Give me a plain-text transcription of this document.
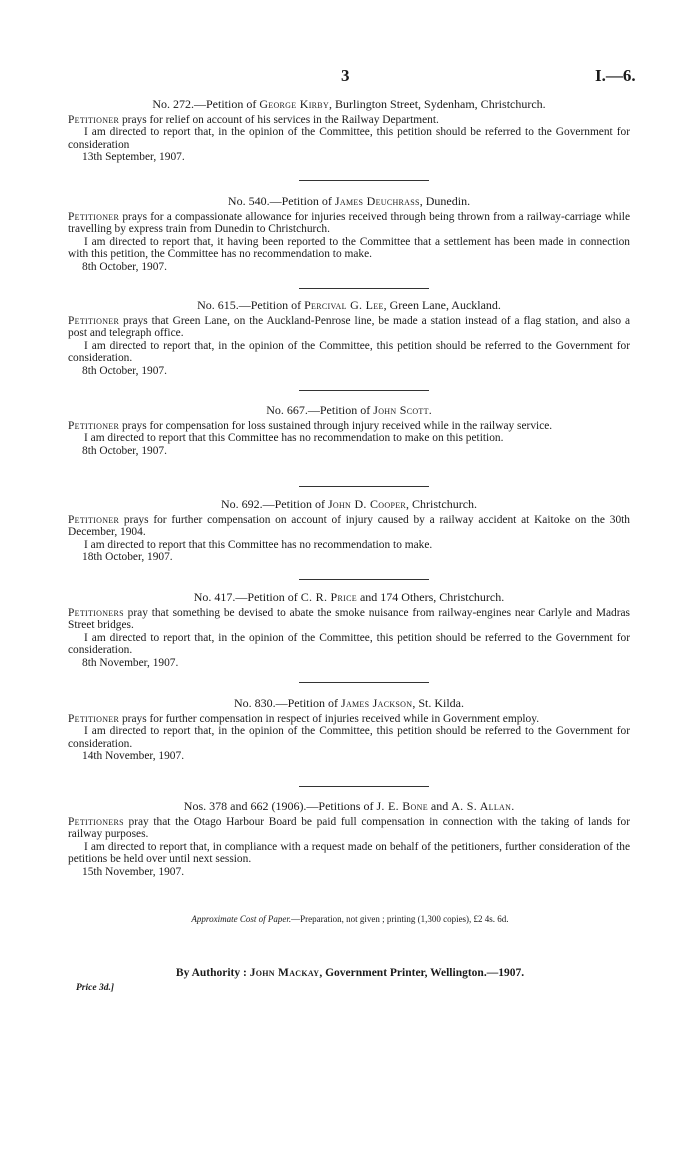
3	I.—6.
No. 272.—Petition of George Kirby, Burlington Street, Sydenham, Christchurch.

Petitioner prays for relief on account of his services in the Railway Department.

I am directed to report that, in the opinion of the Committee, this petition should be referred to the Government for consideration

13th September, 1907.
No. 540.—Petition of James Deuchrass, Dunedin.

Petitioner prays for a compassionate allowance for injuries received through being thrown from a railway-carriage while travelling by express train from Dunedin to Christchurch.

I am directed to report that, it having been reported to the Committee that a settlement has been made in connection with this petition, the Committee has no recommendation to make.

8th October, 1907.
No. 615.—Petition of Percival G. Lee, Green Lane, Auckland.

Petitioner prays that Green Lane, on the Auckland-Penrose line, be made a station instead of a flag station, and also a post and telegraph office.

I am directed to report that, in the opinion of the Committee, this petition should be referred to the Government for consideration.

8th October, 1907.
No. 667.—Petition of John Scott.

Petitioner prays for compensation for loss sustained through injury received while in the railway service.

I am directed to report that this Committee has no recommendation to make on this petition.

8th October, 1907.
No. 692.—Petition of John D. Cooper, Christchurch.

Petitioner prays for further compensation on account of injury caused by a railway accident at Kaitoke on the 30th December, 1904.

I am directed to report that this Committee has no recommendation to make.

18th October, 1907.
No. 417.—Petition of C. R. Price and 174 Others, Christchurch.

Petitioners pray that something be devised to abate the smoke nuisance from railway-engines near Carlyle and Madras Street bridges.

I am directed to report that, in the opinion of the Committee, this petition should be referred to the Government for consideration.

8th November, 1907.
No. 830.—Petition of James Jackson, St. Kilda.

Petitioner prays for further compensation in respect of injuries received while in Government employ.

I am directed to report that, in the opinion of the Committee, this petition should be referred to the Government for consideration.

14th November, 1907.
Nos. 378 and 662 (1906).—Petitions of J. E. Bone and A. S. Allan.

Petitioners pray that the Otago Harbour Board be paid full compensation in connection with the taking of lands for railway purposes.

I am directed to report that, in compliance with a request made on behalf of the petitioners, further consideration of the petitions be held over until next session.

15th November, 1907.
Approximate Cost of Paper.—Preparation, not given ; printing (1,300 copies), £2 4s. 6d.
By Authority : John Mackay, Government Printer, Wellington.—1907.
Price 3d.]
